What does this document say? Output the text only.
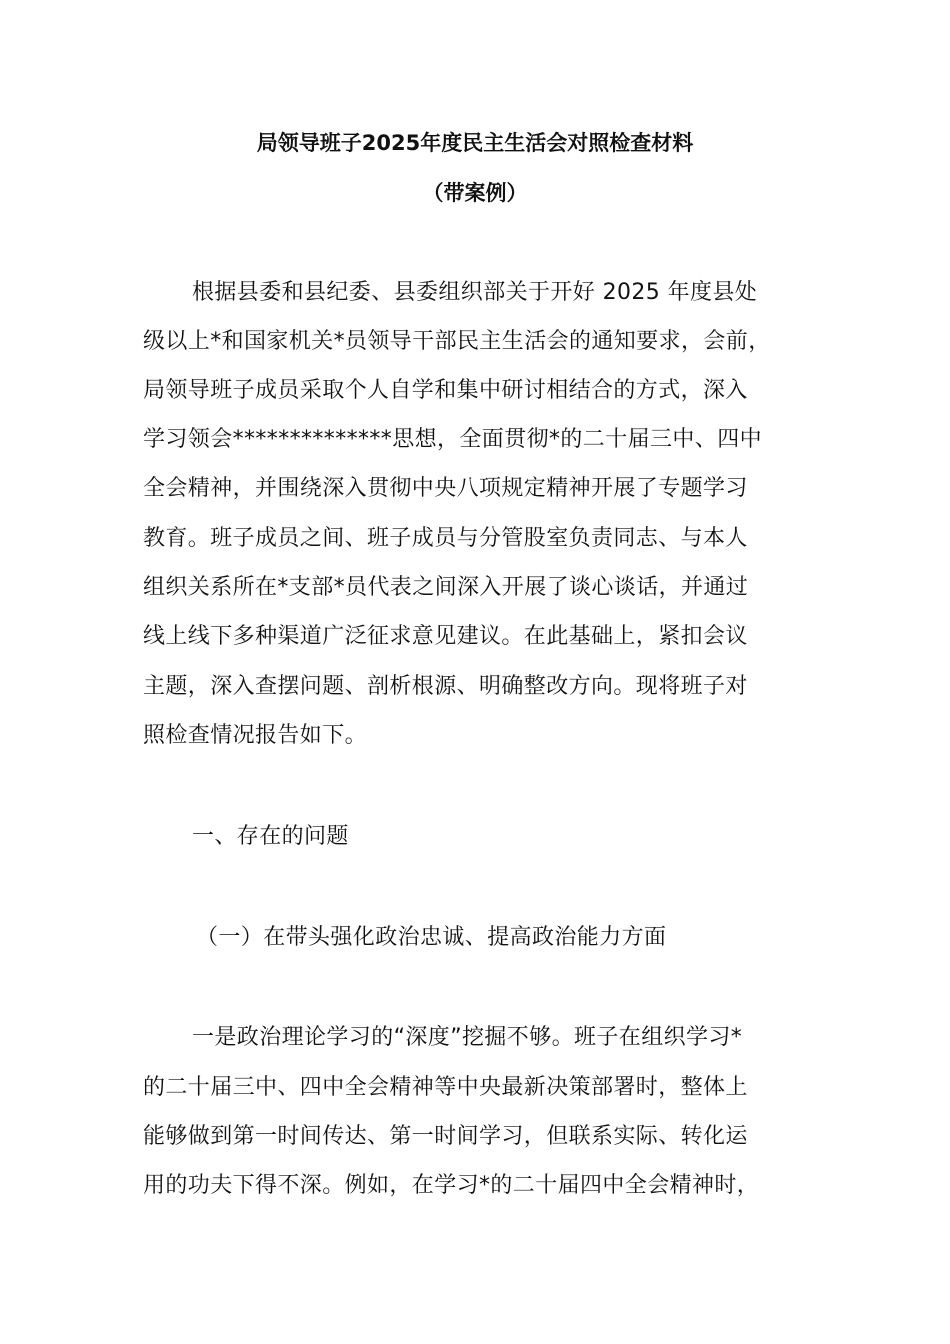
局领导班子2025年度民主生活会对照检查材料
（带案例）
根据县委和县纪委、县委组织部关于开好 2025 年度县处
级以上*和国家机关*员领导干部民主生活会的通知要求，会前，
局领导班子成员采取个人自学和集中研讨相结合的方式，深入
学习领会**************思想，全面贯彻*的二十届三中、四中
全会精神，并围绕深入贯彻中央八项规定精神开展了专题学习
教育。班子成员之间、班子成员与分管股室负责同志、与本人
组织关系所在*支部*员代表之间深入开展了谈心谈话，并通过
线上线下多种渠道广泛征求意见建议。在此基础上，紧扣会议
主题，深入查摆问题、剖析根源、明确整改方向。现将班子对
照检查情况报告如下。
一、存在的问题
（一）在带头强化政治忠诚、提高政治能力方面
一是政治理论学习的“深度”挖掘不够。班子在组织学习*
的二十届三中、四中全会精神等中央最新决策部署时，整体上
能够做到第一时间传达、第一时间学习，但联系实际、转化运
用的功夫下得不深。例如，在学习*的二十届四中全会精神时，
